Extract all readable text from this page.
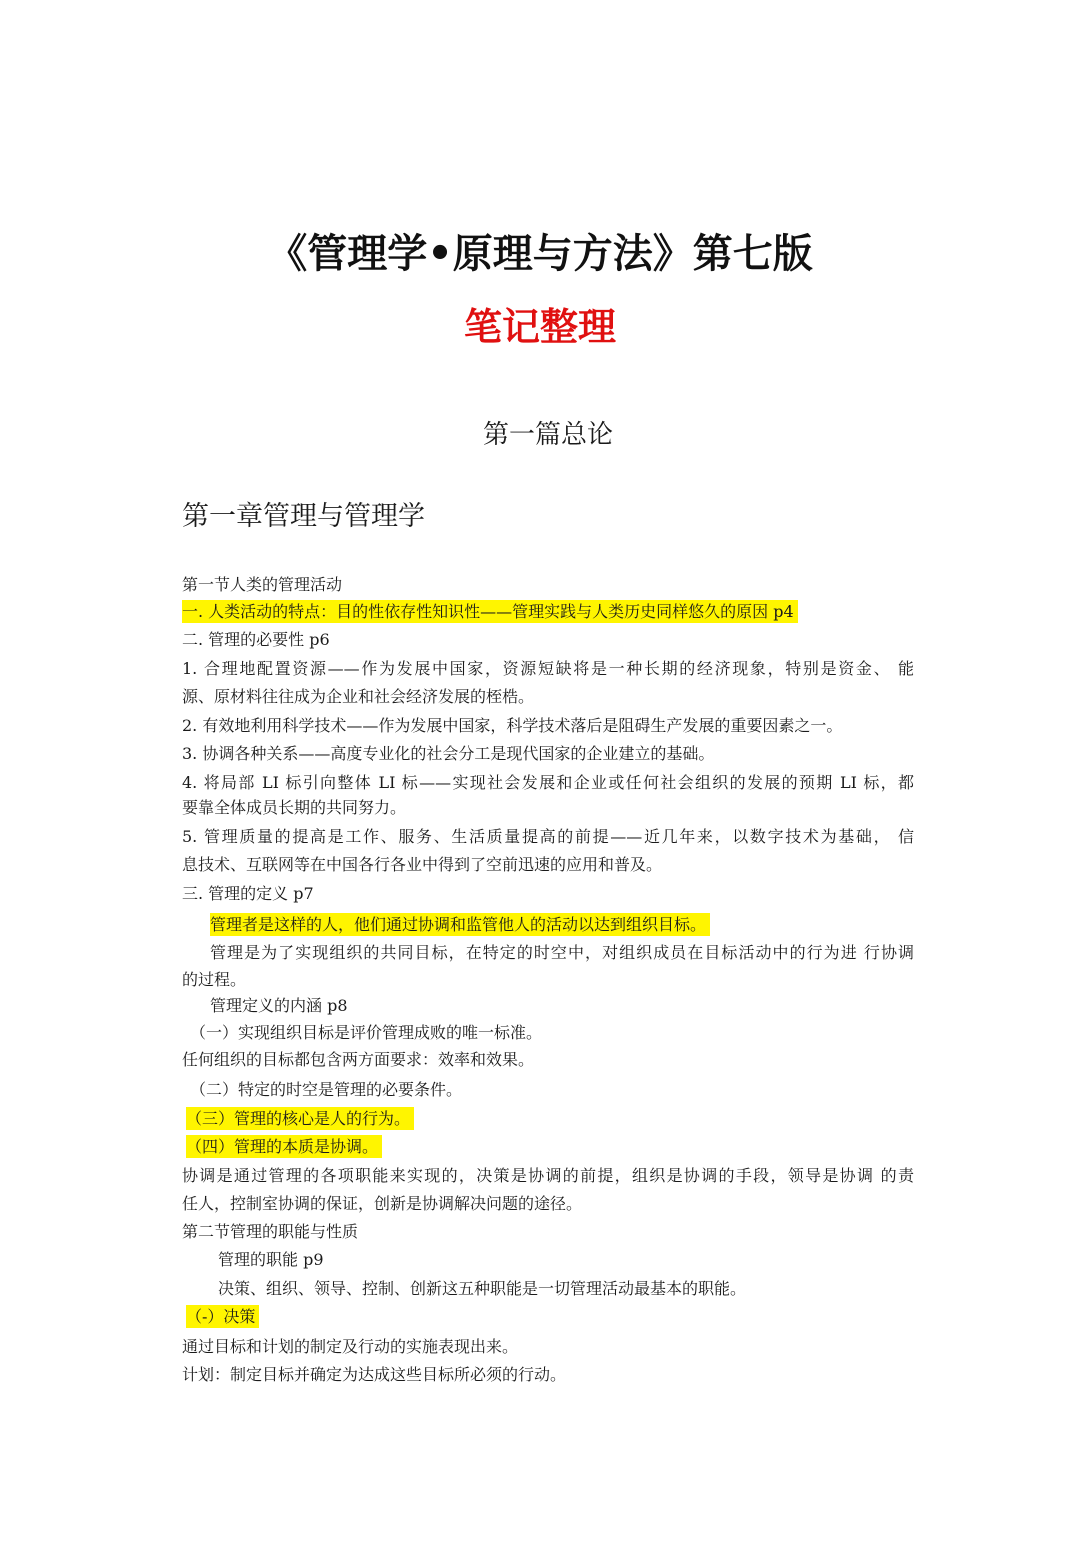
《管理学•原理与方法》第七版
笔记整理
第一篇总论
第一章管理与管理学
第一节人类的管理活动
一. 人类活动的特点：目的性依存性知识性——管理实践与人类历史同样悠久的原因 p4
二. 管理的必要性 p6
1. 合理地配置资源——作为发展中国家，资源短缺将是一种长期的经济现象，特别是资金、 能
源、原材料往往成为企业和社会经济发展的桎梏。
2. 有效地利用科学技术——作为发展中国家，科学技术落后是阻碍生产发展的重要因素之一。
3. 协调各种关系——高度专业化的社会分工是现代国家的企业建立的基础。
4. 将局部 LI 标引向整体 LI 标——实现社会发展和企业或任何社会组织的发展的预期 LI 标，都
要靠全体成员长期的共同努力。
5. 管理质量的提高是工作、服务、生活质量提高的前提——近几年来，以数字技术为基础， 信
息技术、互联网等在中国各行各业中得到了空前迅速的应用和普及。
三. 管理的定义 p7
管理者是这样的人，他们通过协调和监管他人的活动以达到组织目标。
管理是为了实现组织的共同目标，在特定的时空中，对组织成员在目标活动中的行为进 行协调
的过程。
管理定义的内涵 p8
（一）实现组织目标是评价管理成败的唯一标准。
任何组织的目标都包含两方面要求：效率和效果。
（二）特定的时空是管理的必要条件。
（三）管理的核心是人的行为。
（四）管理的本质是协调。
协调是通过管理的各项职能来实现的，决策是协调的前提，组织是协调的手段，领导是协调 的责
任人，控制室协调的保证，创新是协调解决问题的途径。
第二节管理的职能与性质
管理的职能 p9
决策、组织、领导、控制、创新这五种职能是一切管理活动最基本的职能。
（-）决策
通过目标和计划的制定及行动的实施表现出来。
计划：制定目标并确定为达成这些目标所必须的行动。
